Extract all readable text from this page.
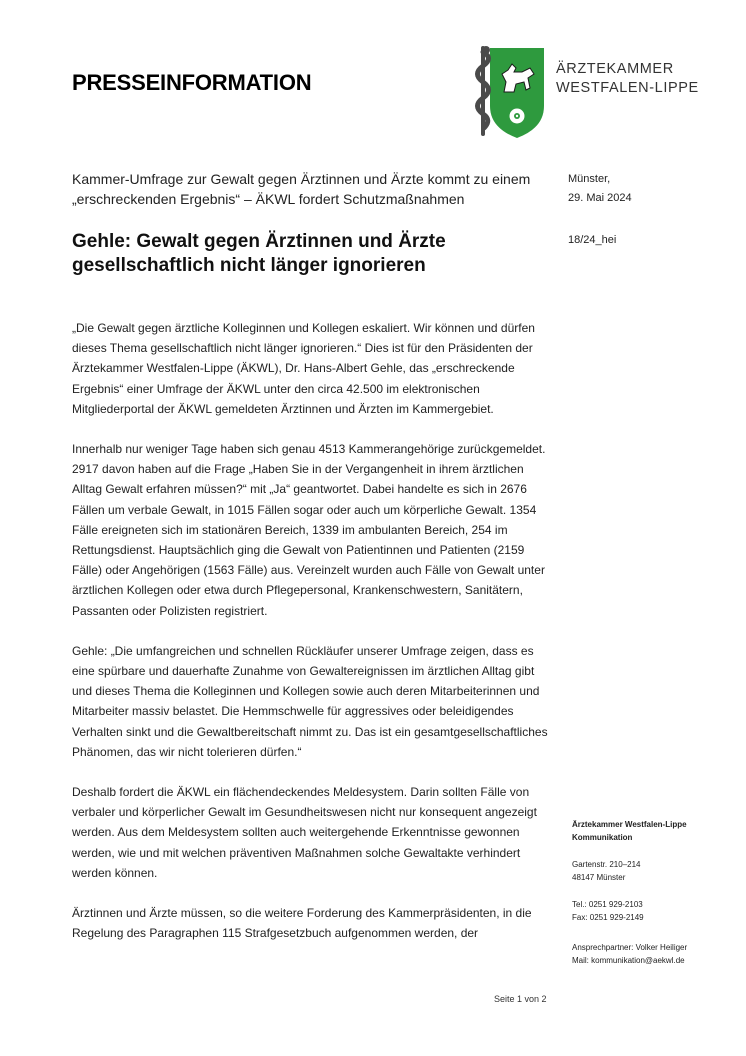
PRESSEINFORMATION
ÄRZTEKAMMER
WESTFALEN-LIPPE
Kammer-Umfrage zur Gewalt gegen Ärztinnen und Ärzte kommt zu einem „erschreckenden Ergebnis“ – ÄKWL fordert Schutzmaßnahmen
Gehle: Gewalt gegen Ärztinnen und Ärzte gesellschaftlich nicht länger ignorieren
Münster,
29. Mai 2024
18/24_hei

„Die Gewalt gegen ärztliche Kolleginnen und Kollegen eskaliert. Wir können und dürfen dieses Thema gesellschaftlich nicht länger ignorieren.“ Dies ist für den Präsidenten der Ärztekammer Westfalen-Lippe (ÄKWL), Dr. Hans-Albert Gehle, das „erschreckende Ergebnis“ einer Umfrage der ÄKWL unter den circa 42.500 im elektronischen Mitgliederportal der ÄKWL gemeldeten Ärztinnen und Ärzten im Kammergebiet.

Innerhalb nur weniger Tage haben sich genau 4513 Kammerangehörige zurückgemeldet. 2917 davon haben auf die Frage „Haben Sie in der Vergangenheit in ihrem ärztlichen Alltag Gewalt erfahren müssen?“ mit „Ja“ geantwortet. Dabei handelte es sich in 2676 Fällen um verbale Gewalt, in 1015 Fällen sogar oder auch um körperliche Gewalt. 1354 Fälle ereigneten sich im stationären Bereich, 1339 im ambulanten Bereich, 254 im Rettungsdienst. Hauptsächlich ging die Gewalt von Patientinnen und Patienten (2159 Fälle) oder Angehörigen (1563 Fälle) aus. Vereinzelt wurden auch Fälle von Gewalt unter ärztlichen Kollegen oder etwa durch Pflegepersonal, Krankenschwestern, Sanitätern, Passanten oder Polizisten registriert.

Gehle: „Die umfangreichen und schnellen Rückläufer unserer Umfrage zeigen, dass es eine spürbare und dauerhafte Zunahme von Gewaltereignissen im ärztlichen Alltag gibt und dieses Thema die Kolleginnen und Kollegen sowie auch deren Mitarbeiterinnen und Mitarbeiter massiv belastet. Die Hemmschwelle für aggressives oder beleidigendes Verhalten sinkt und die Gewaltbereitschaft nimmt zu. Das ist ein gesamtgesellschaftliches Phänomen, das wir nicht tolerieren dürfen.“

Deshalb fordert die ÄKWL ein flächendeckendes Meldesystem. Darin sollten Fälle von verbaler und körperlicher Gewalt im Gesundheitswesen nicht nur konsequent angezeigt werden. Aus dem Meldesystem sollten auch weitergehende Erkenntnisse gewonnen werden, wie und mit welchen präventiven Maßnahmen solche Gewaltakte verhindert werden können.

Ärztinnen und Ärzte müssen, so die weitere Forderung des Kammerpräsidenten, in die Regelung des Paragraphen 115 Strafgesetzbuch aufgenommen werden, der

Ärztekammer Westfalen-Lippe
Kommunikation
Gartenstr. 210–214
48147 Münster
Tel.: 0251 929-2103
Fax: 0251 929-2149
Ansprechpartner: Volker Heiliger
Mail: kommunikation@aekwl.de
Seite 1 von 2
